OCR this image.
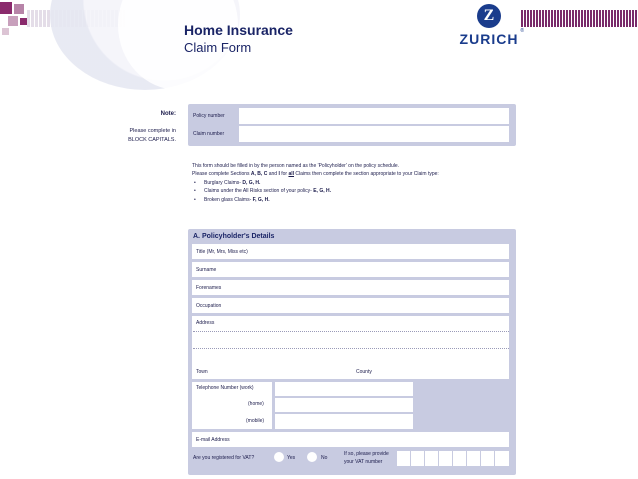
Home Insurance
Claim Form
Z
ZURICH ®
Note:
Please complete in
BLOCK CAPITALS.
Policy number
Claim number
This form should be filled in by the person named as the 'Policyholder' on the policy schedule.
Please complete Sections A, B, C and I for all Claims then complete the section appropriate to your Claim type:
• Burglary Claims- D, G, H.
• Claims under the All Risks section of your policy- E, G, H.
• Broken glass Claims- F, G, H.
A. Policyholder's Details
Title (Mr, Mrs, Miss etc)
Surname
Forenames
Occupation
Address
Town	County
Telephone Number (work)
(home)
(mobile)
E-mail Address
Are you registered for VAT?	Yes	No
If so, please provide
your VAT number
